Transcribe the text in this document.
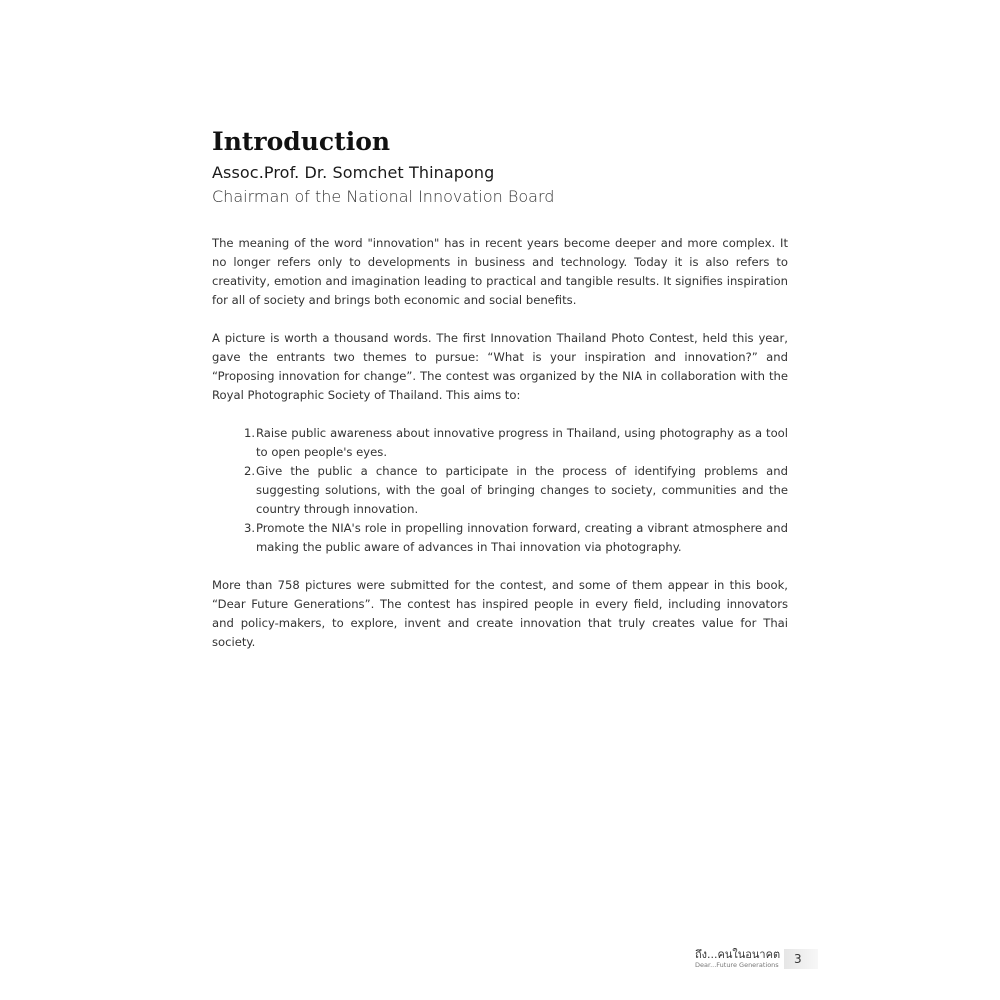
Introduction
Assoc.Prof. Dr. Somchet Thinapong
Chairman of the National Innovation Board

The meaning of the word "innovation" has in recent years become deeper and more complex. It no longer refers only to developments in business and technology. Today it is also refers to creativity, emotion and imagination leading to practical and tangible results. It signifies inspiration for all of society and brings both economic and social benefits.

A picture is worth a thousand words. The first Innovation Thailand Photo Contest, held this year, gave the entrants two themes to pursue: “What is your inspiration and innovation?” and “Proposing innovation for change”. The contest was organized by the NIA in collaboration with the Royal Photographic Society of Thailand. This aims to:

1. Raise public awareness about innovative progress in Thailand, using photography as a tool to open people's eyes.
2. Give the public a chance to participate in the process of identifying problems and suggesting solutions, with the goal of bringing changes to society, communities and the country through innovation.
3. Promote the NIA's role in propelling innovation forward, creating a vibrant atmosphere and making the public aware of advances in Thai innovation via photography.

More than 758 pictures were submitted for the contest, and some of them appear in this book, “Dear Future Generations”. The contest has inspired people in every field, including innovators and policy-makers, to explore, invent and create innovation that truly creates value for Thai society.

ถึง...คนในอนาคต
Dear...Future Generations 3
